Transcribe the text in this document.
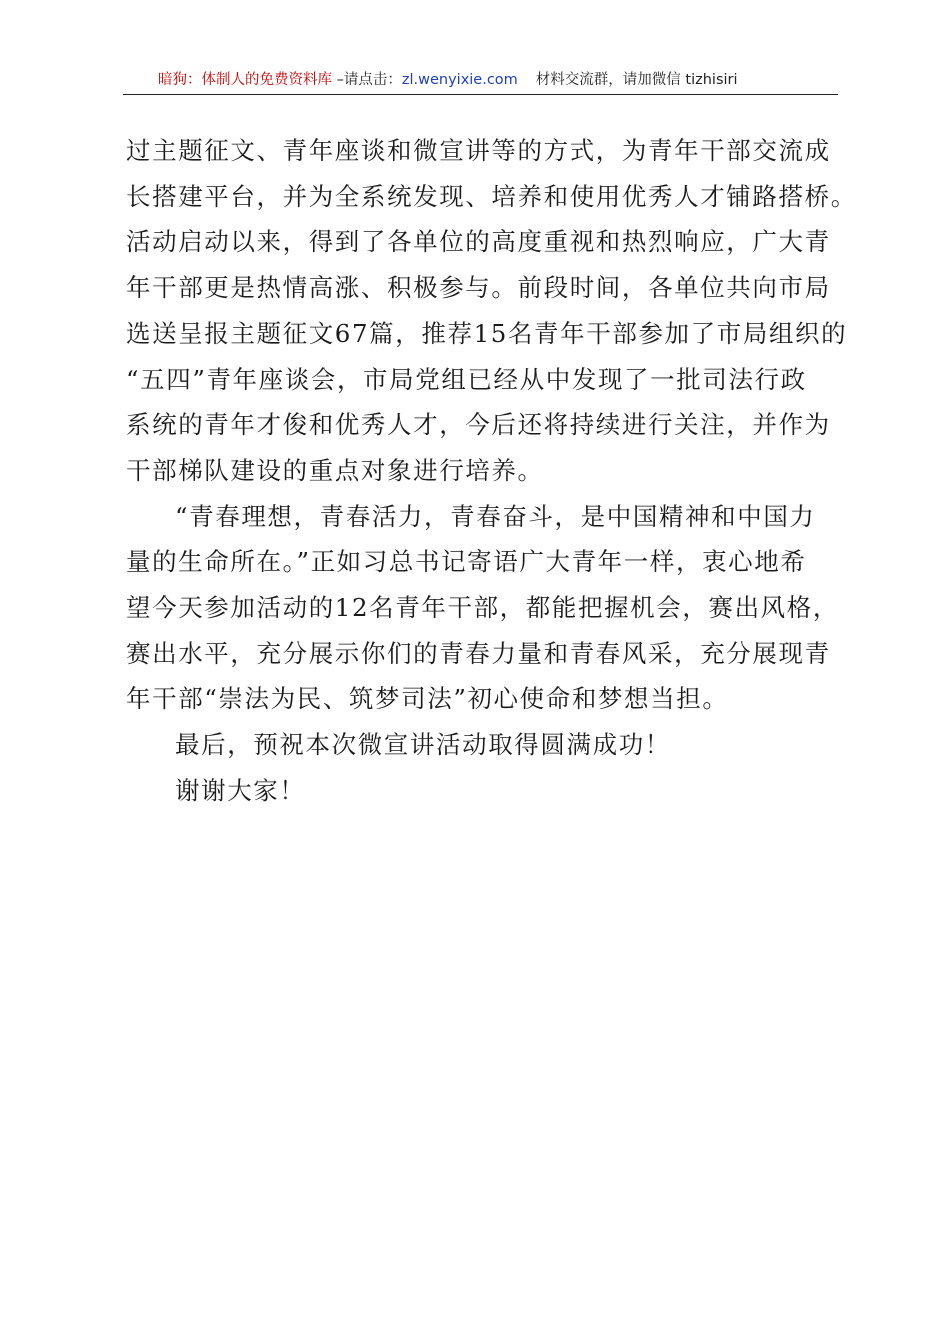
暗狗：体制人的免费资料库 –请点击：zl.wenyixie.com 材料交流群，请加微信 tizhisiri

过主题征文、青年座谈和微宣讲等的方式，为青年干部交流成
长搭建平台，并为全系统发现、培养和使用优秀人才铺路搭桥。
活动启动以来，得到了各单位的高度重视和热烈响应，广大青
年干部更是热情高涨、积极参与。前段时间，各单位共向市局
选送呈报主题征文67篇，推荐15名青年干部参加了市局组织的
“五四”青年座谈会，市局党组已经从中发现了一批司法行政
系统的青年才俊和优秀人才，今后还将持续进行关注，并作为
干部梯队建设的重点对象进行培养。

“青春理想，青春活力，青春奋斗，是中国精神和中国力
量的生命所在。”正如习总书记寄语广大青年一样，衷心地希
望今天参加活动的12名青年干部，都能把握机会，赛出风格，
赛出水平，充分展示你们的青春力量和青春风采，充分展现青
年干部“崇法为民、筑梦司法”初心使命和梦想当担。

最后，预祝本次微宣讲活动取得圆满成功！

谢谢大家！
